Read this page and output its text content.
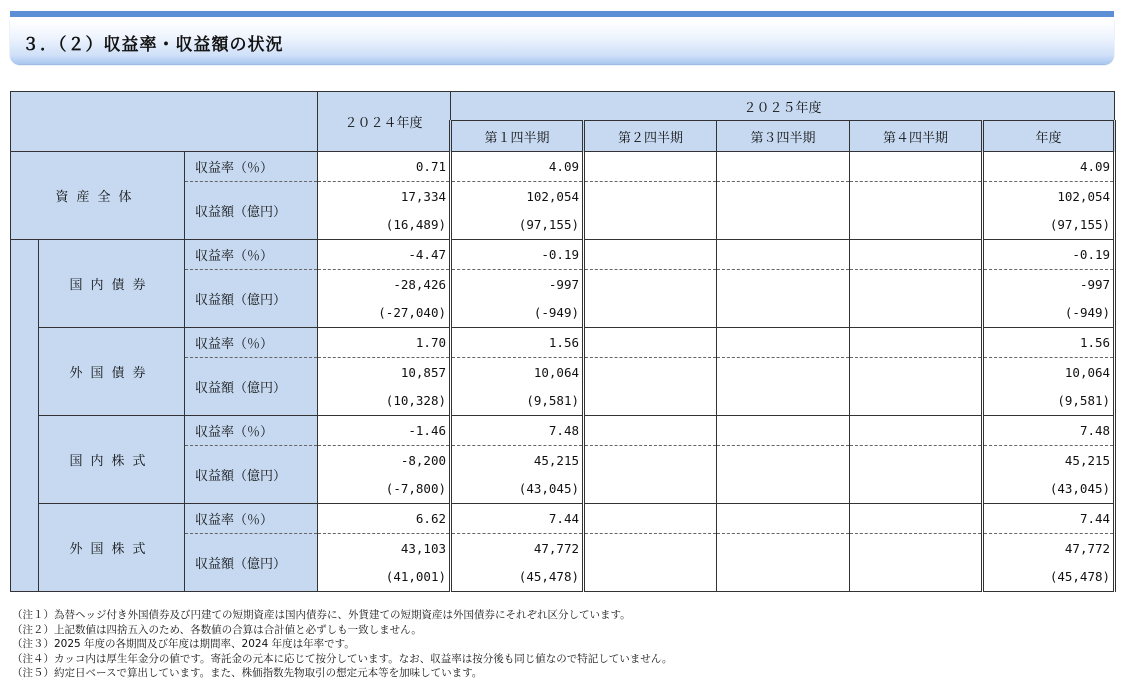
３．（２）収益率・収益額の状況
			２０２４年度	２０２５年度				
				第１四半期	第２四半期	第３四半期	第４四半期	年度
資産全体		収益率（％）	0.71	4.09				4.09
		収益額（億円）	17,334	102,054				102,054
			(16,489)	(97,155)				(97,155)
	国内債券	収益率（％）	-4.47	-0.19				-0.19
		収益額（億円）	-28,426	-997				-997
			(-27,040)	(-949)				(-949)
	外国債券	収益率（％）	1.70	1.56				1.56
		収益額（億円）	10,857	10,064				10,064
			(10,328)	(9,581)				(9,581)
	国内株式	収益率（％）	-1.46	7.48				7.48
		収益額（億円）	-8,200	45,215				45,215
			(-7,800)	(43,045)				(43,045)
	外国株式	収益率（％）	6.62	7.44				7.44
		収益額（億円）	43,103	47,772				47,772
			(41,001)	(45,478)				(45,478)
（注１）為替ヘッジ付き外国債券及び円建ての短期資産は国内債券に、外貨建ての短期資産は外国債券にそれぞれ区分しています。
（注２）上記数値は四捨五入のため、各数値の合算は合計値と必ずしも一致しません。
（注３）2025 年度の各期間及び年度は期間率、2024 年度は年率です。
（注４）カッコ内は厚生年金分の値です。寄託金の元本に応じて按分しています。なお、収益率は按分後も同じ値なので特記していません。
（注５）約定日ベースで算出しています。また、株価指数先物取引の想定元本等を加味しています。
